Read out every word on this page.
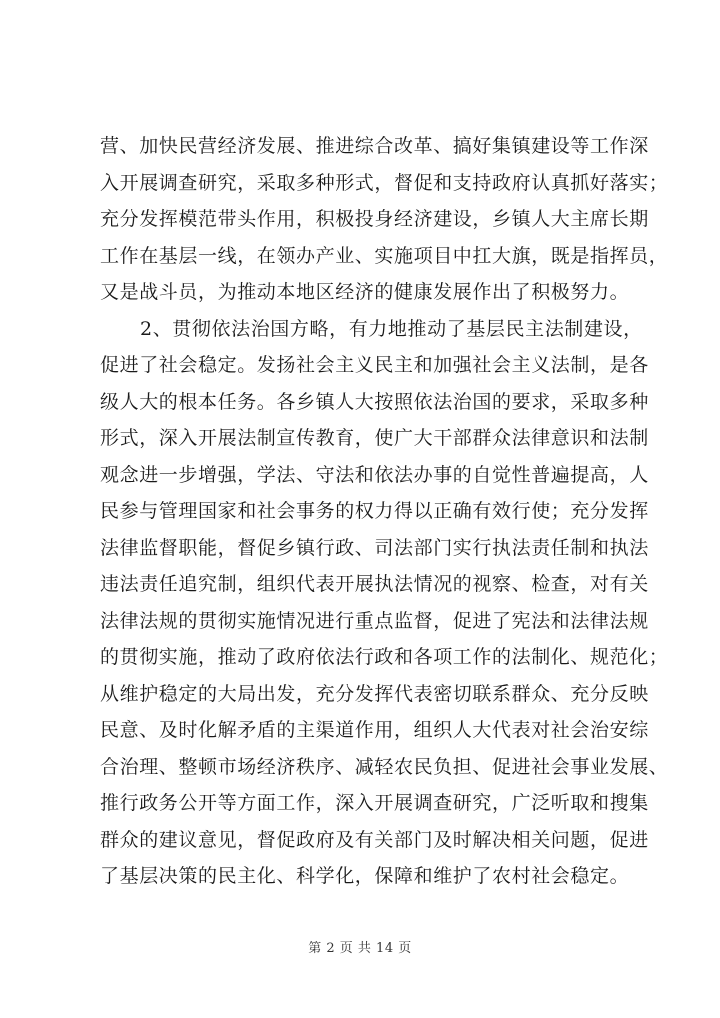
营、加快民营经济发展、推进综合改革、搞好集镇建设等工作深
入开展调查研究，采取多种形式，督促和支持政府认真抓好落实；
充分发挥模范带头作用，积极投身经济建设，乡镇人大主席长期
工作在基层一线，在领办产业、实施项目中扛大旗，既是指挥员，
又是战斗员，为推动本地区经济的健康发展作出了积极努力。
2、贯彻依法治国方略，有力地推动了基层民主法制建设，
促进了社会稳定。发扬社会主义民主和加强社会主义法制，是各
级人大的根本任务。各乡镇人大按照依法治国的要求，采取多种
形式，深入开展法制宣传教育，使广大干部群众法律意识和法制
观念进一步增强，学法、守法和依法办事的自觉性普遍提高，人
民参与管理国家和社会事务的权力得以正确有效行使；充分发挥
法律监督职能，督促乡镇行政、司法部门实行执法责任制和执法
违法责任追究制，组织代表开展执法情况的视察、检查，对有关
法律法规的贯彻实施情况进行重点监督，促进了宪法和法律法规
的贯彻实施，推动了政府依法行政和各项工作的法制化、规范化；
从维护稳定的大局出发，充分发挥代表密切联系群众、充分反映
民意、及时化解矛盾的主渠道作用，组织人大代表对社会治安综
合治理、整顿市场经济秩序、减轻农民负担、促进社会事业发展、
推行政务公开等方面工作，深入开展调查研究，广泛听取和搜集
群众的建议意见，督促政府及有关部门及时解决相关问题，促进
了基层决策的民主化、科学化，保障和维护了农村社会稳定。
第 2 页 共 14 页
